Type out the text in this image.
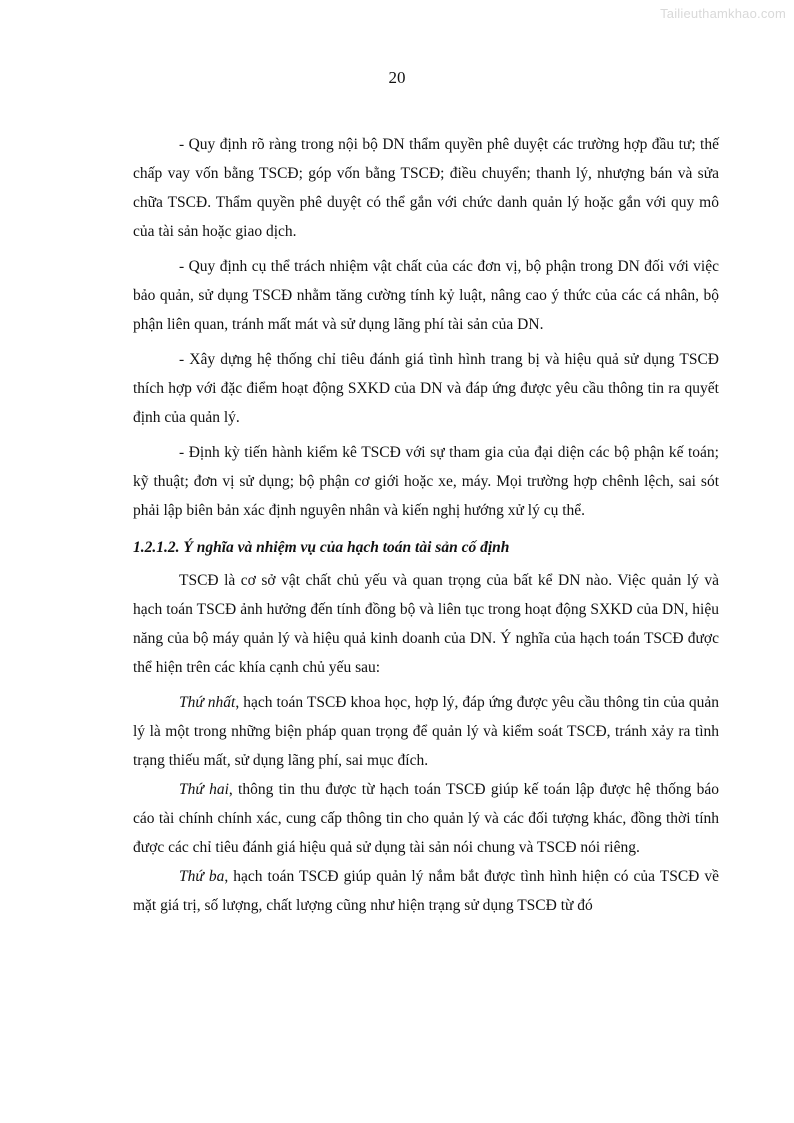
Tailieuthamkhao.com
20

- Quy định rõ ràng trong nội bộ DN thẩm quyền phê duyệt các trường hợp đầu tư; thế chấp vay vốn bằng TSCĐ; góp vốn bằng TSCĐ; điều chuyển; thanh lý, nhượng bán và sửa chữa TSCĐ. Thẩm quyền phê duyệt có thể gắn với chức danh quản lý hoặc gắn với quy mô của tài sản hoặc giao dịch.

- Quy định cụ thể trách nhiệm vật chất của các đơn vị, bộ phận trong DN đối với việc bảo quản, sử dụng TSCĐ nhằm tăng cường tính kỷ luật, nâng cao ý thức của các cá nhân, bộ phận liên quan, tránh mất mát và sử dụng lãng phí tài sản của DN.

- Xây dựng hệ thống chỉ tiêu đánh giá tình hình trang bị và hiệu quả sử dụng TSCĐ thích hợp với đặc điểm hoạt động SXKD của DN và đáp ứng được yêu cầu thông tin ra quyết định của quản lý.

- Định kỳ tiến hành kiểm kê TSCĐ với sự tham gia của đại diện các bộ phận kế toán; kỹ thuật; đơn vị sử dụng; bộ phận cơ giới hoặc xe, máy. Mọi trường hợp chênh lệch, sai sót phải lập biên bản xác định nguyên nhân và kiến nghị hướng xử lý cụ thể.

1.2.1.2. Ý nghĩa và nhiệm vụ của hạch toán tài sản cố định

TSCĐ là cơ sở vật chất chủ yếu và quan trọng của bất kể DN nào. Việc quản lý và hạch toán TSCĐ ảnh hưởng đến tính đồng bộ và liên tục trong hoạt động SXKD của DN, hiệu năng của bộ máy quản lý và hiệu quả kinh doanh của DN. Ý nghĩa của hạch toán TSCĐ được thể hiện trên các khía cạnh chủ yếu sau:

Thứ nhất, hạch toán TSCĐ khoa học, hợp lý, đáp ứng được yêu cầu thông tin của quản lý là một trong những biện pháp quan trọng để quản lý và kiểm soát TSCĐ, tránh xảy ra tình trạng thiếu mất, sử dụng lãng phí, sai mục đích.

Thứ hai, thông tin thu được từ hạch toán TSCĐ giúp kế toán lập được hệ thống báo cáo tài chính chính xác, cung cấp thông tin cho quản lý và các đối tượng khác, đồng thời tính được các chỉ tiêu đánh giá hiệu quả sử dụng tài sản nói chung và TSCĐ nói riêng.

Thứ ba, hạch toán TSCĐ giúp quản lý nắm bắt được tình hình hiện có của TSCĐ về mặt giá trị, số lượng, chất lượng cũng như hiện trạng sử dụng TSCĐ từ đó
